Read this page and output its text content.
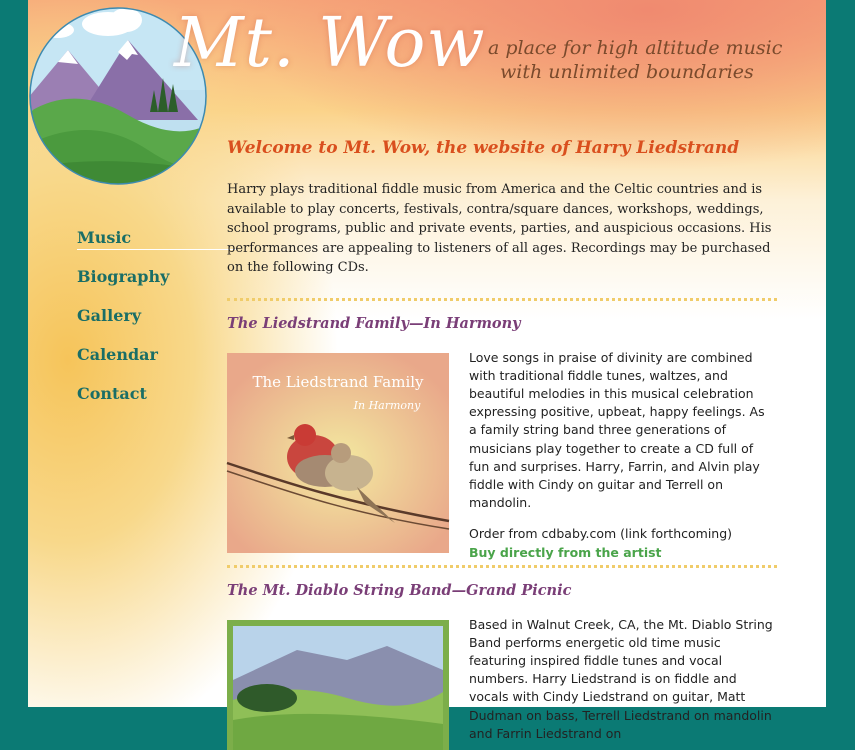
Mt. Wow a place for high altitude music
with unlimited boundaries
Music
Biography
Gallery
Calendar
Contact
Welcome to Mt. Wow, the website of Harry Liedstrand

Harry plays traditional fiddle music from America and the Celtic countries and is available to play concerts, festivals, contra/square dances, workshops, weddings, school programs, public and private events, parties, and auspicious occasions. His performances are appealing to listeners of all ages. Recordings may be purchased on the following CDs.

The Liedstrand Family—In Harmony
The Liedstrand Family
In Harmony

Love songs in praise of divinity are combined with traditional fiddle tunes, waltzes, and beautiful melodies in this musical celebration expressing positive, upbeat, happy feelings. As a family string band three generations of musicians play together to create a CD full of fun and surprises. Harry, Farrin, and Alvin play fiddle with Cindy on guitar and Terrell on mandolin.

Order from cdbaby.com (link forthcoming)

Buy directly from the artist

The Mt. Diablo String Band—Grand Picnic

Based in Walnut Creek, CA, the Mt. Diablo String Band performs energetic old time music featuring inspired fiddle tunes and vocal numbers. Harry Liedstrand is on fiddle and vocals with Cindy Liedstrand on guitar, Matt Dudman on bass, Terrell Liedstrand on mandolin and Farrin Liedstrand on
